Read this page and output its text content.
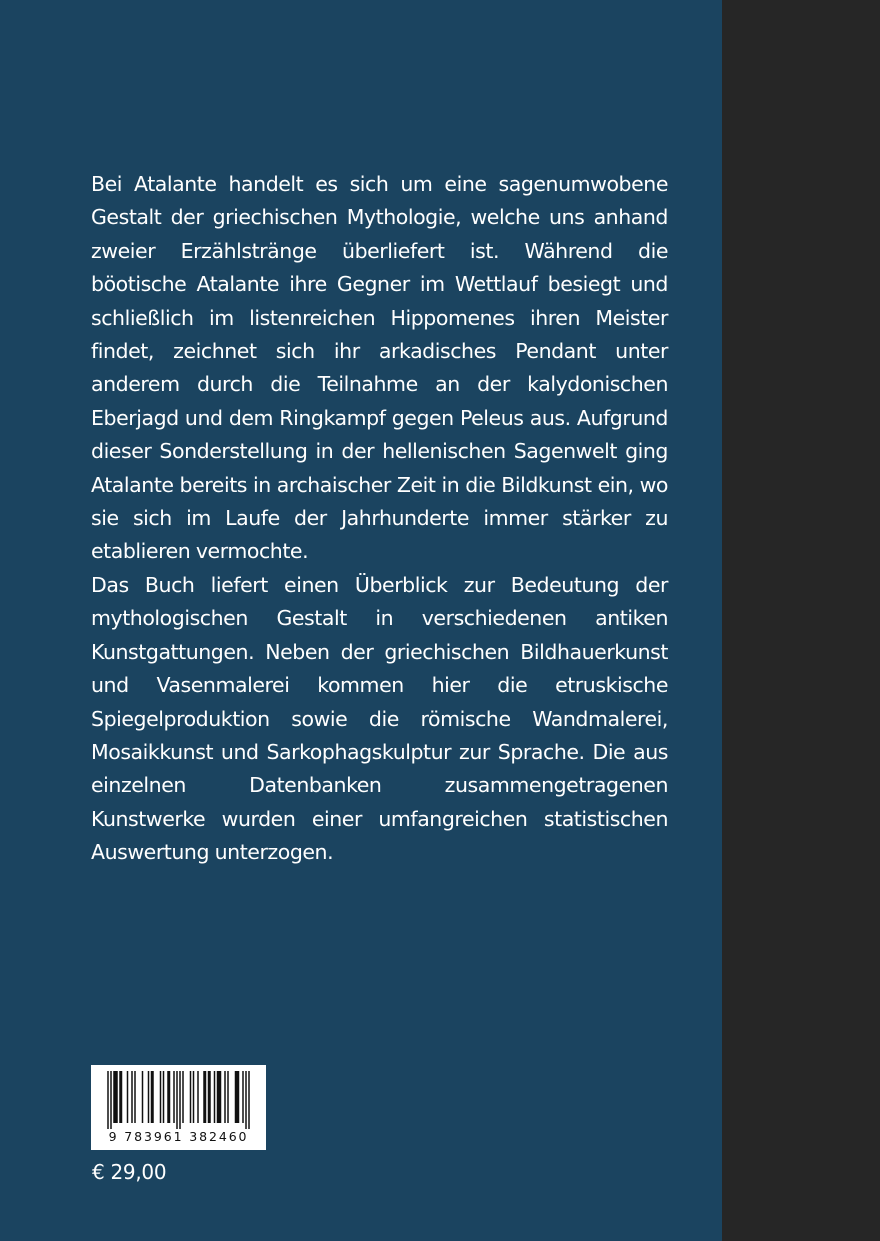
Bei Atalante handelt es sich um eine sagenumwobene Gestalt der griechischen Mythologie, welche uns anhand zweier Erzählstränge überliefert ist. Während die böotische Atalante ihre Gegner im Wettlauf besiegt und schließlich im listenreichen Hippomenes ihren Meister findet, zeichnet sich ihr arkadisches Pendant unter anderem durch die Teilnahme an der kalydonischen Eberjagd und dem Ringkampf gegen Peleus aus. Aufgrund dieser Sonderstellung in der hellenischen Sagenwelt ging Atalante bereits in archaischer Zeit in die Bildkunst ein, wo sie sich im Laufe der Jahrhunderte immer stärker zu etablieren vermochte.

Das Buch liefert einen Überblick zur Bedeutung der mythologischen Gestalt in verschiedenen antiken Kunstgattungen. Neben der griechischen Bildhauerkunst und Vasenmalerei kommen hier die etruskische Spiegelproduktion sowie die römische Wandmalerei, Mosaikkunst und Sarkophagskulptur zur Sprache. Die aus einzelnen Datenbanken zusammengetragenen Kunstwerke wurden einer umfangreichen statistischen Auswertung unterzogen.

9 783961 382460
€ 29,00
